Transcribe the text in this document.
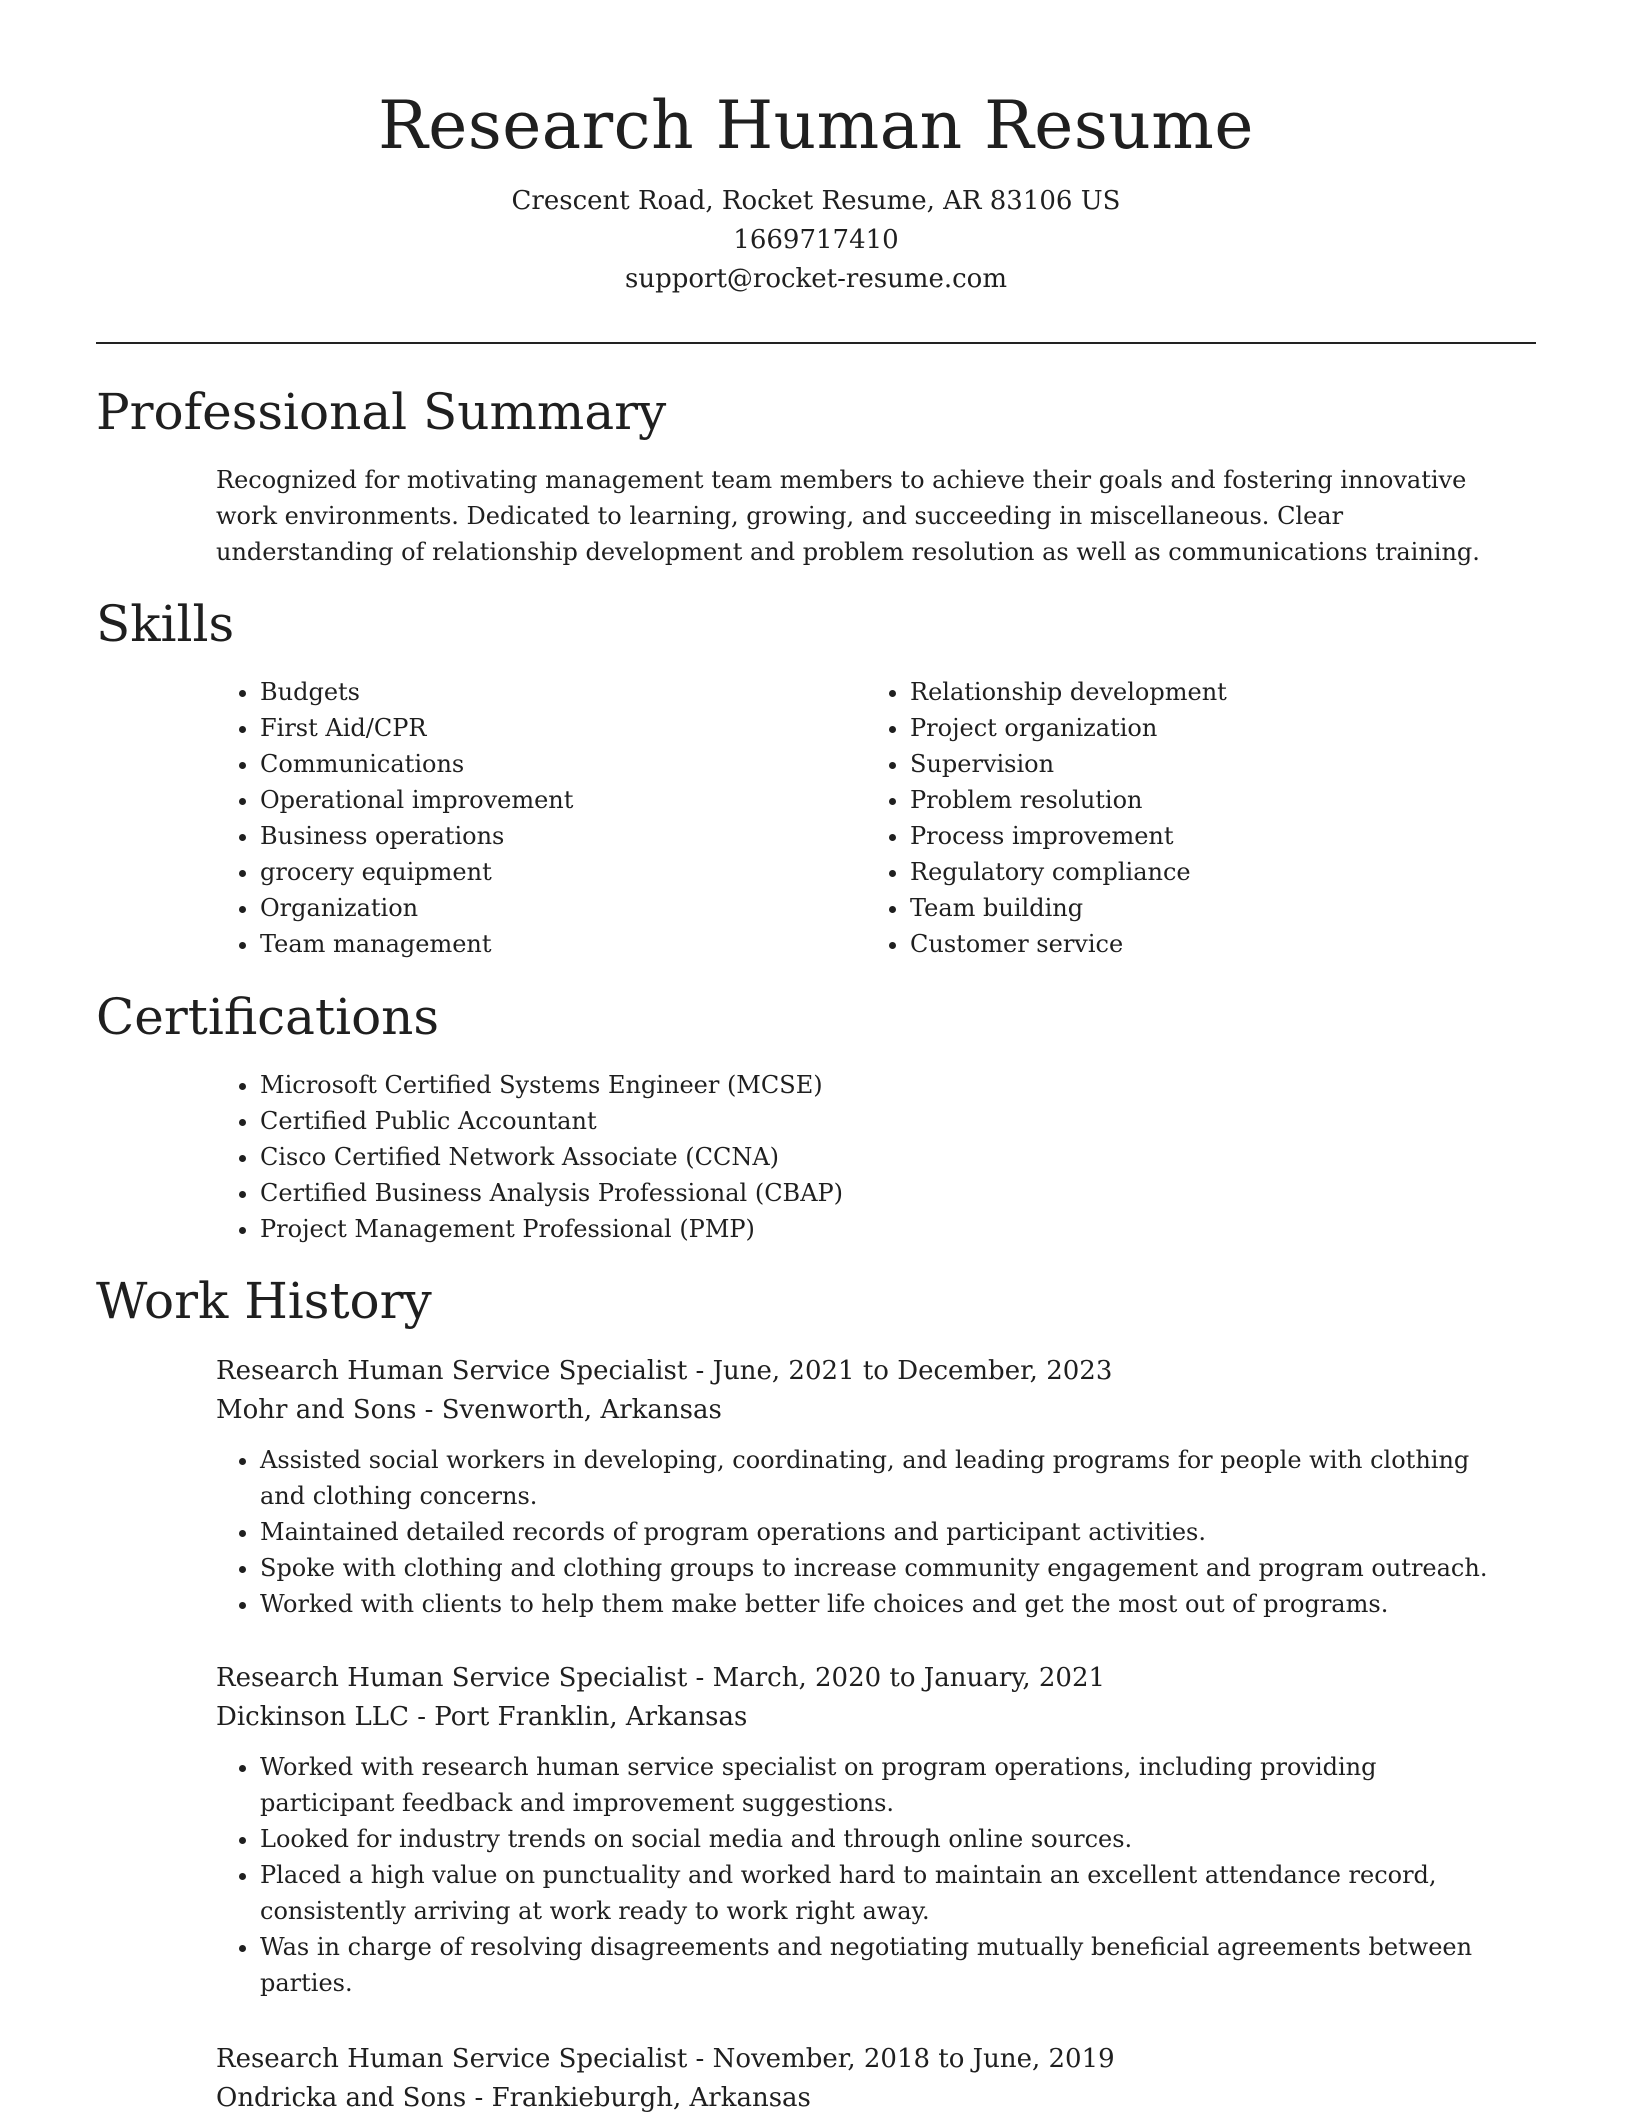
Research Human Resume
Crescent Road, Rocket Resume, AR 83106 US
1669717410
support@rocket-resume.com
Professional Summary
Recognized for motivating management team members to achieve their goals and fostering innovative work environments. Dedicated to learning, growing, and succeeding in miscellaneous. Clear understanding of relationship development and problem resolution as well as communications training.
Skills
• Budgets
• First Aid/CPR
• Communications
• Operational improvement
• Business operations
• grocery equipment
• Organization
• Team management
• Relationship development
• Project organization
• Supervision
• Problem resolution
• Process improvement
• Regulatory compliance
• Team building
• Customer service
Certifications
• Microsoft Certified Systems Engineer (MCSE)
• Certified Public Accountant
• Cisco Certified Network Associate (CCNA)
• Certified Business Analysis Professional (CBAP)
• Project Management Professional (PMP)
Work History
Research Human Service Specialist - June, 2021 to December, 2023
Mohr and Sons - Svenworth, Arkansas
• Assisted social workers in developing, coordinating, and leading programs for people with clothing and clothing concerns.
• Maintained detailed records of program operations and participant activities.
• Spoke with clothing and clothing groups to increase community engagement and program outreach.
• Worked with clients to help them make better life choices and get the most out of programs.
Research Human Service Specialist - March, 2020 to January, 2021
Dickinson LLC - Port Franklin, Arkansas
• Worked with research human service specialist on program operations, including providing participant feedback and improvement suggestions.
• Looked for industry trends on social media and through online sources.
• Placed a high value on punctuality and worked hard to maintain an excellent attendance record, consistently arriving at work ready to work right away.
• Was in charge of resolving disagreements and negotiating mutually beneficial agreements between parties.
Research Human Service Specialist - November, 2018 to June, 2019
Ondricka and Sons - Frankieburgh, Arkansas
